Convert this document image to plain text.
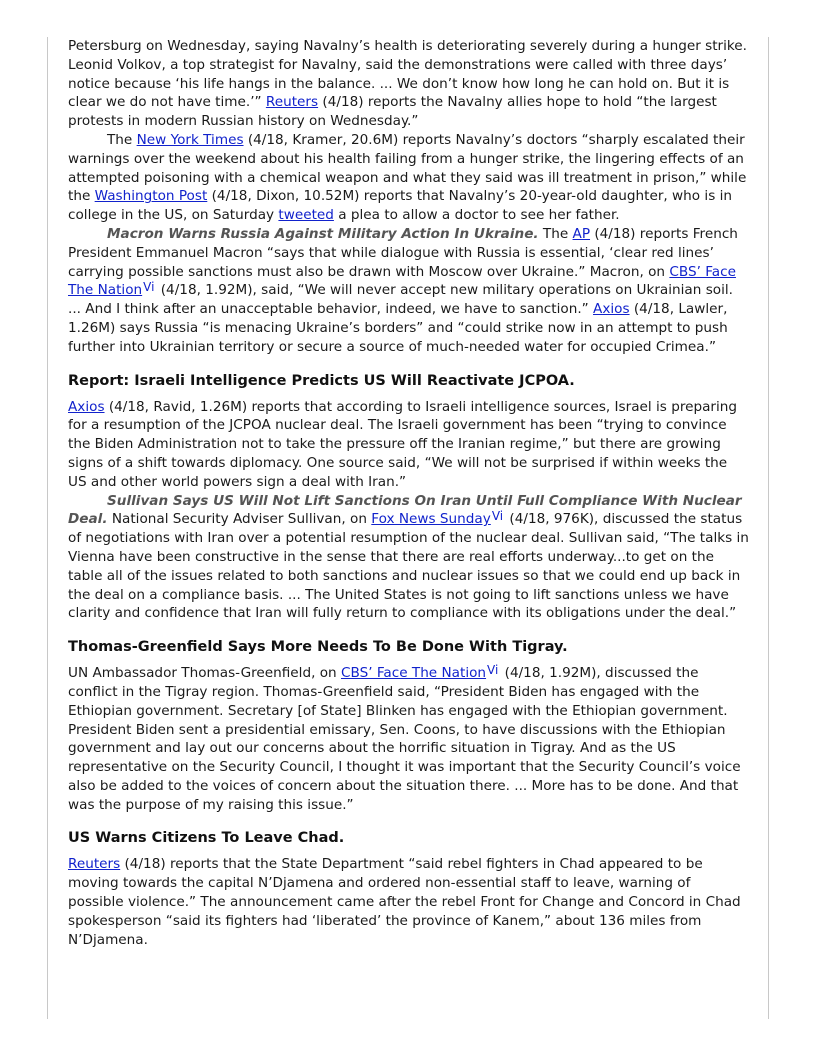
Petersburg on Wednesday, saying Navalny’s health is deteriorating severely during a hunger strike. Leonid Volkov, a top strategist for Navalny, said the demonstrations were called with three days’ notice because ‘his life hangs in the balance. ... We don’t know how long he can hold on. But it is clear we do not have time.’” Reuters (4/18) reports the Navalny allies hope to hold “the largest protests in modern Russian history on Wednesday.”

The New York Times (4/18, Kramer, 20.6M) reports Navalny’s doctors “sharply escalated their warnings over the weekend about his health failing from a hunger strike, the lingering effects of an attempted poisoning with a chemical weapon and what they said was ill treatment in prison,” while the Washington Post (4/18, Dixon, 10.52M) reports that Navalny’s 20-year-old daughter, who is in college in the US, on Saturday tweeted a plea to allow a doctor to see her father.

Macron Warns Russia Against Military Action In Ukraine. The AP (4/18) reports French President Emmanuel Macron “says that while dialogue with Russia is essential, ‘clear red lines’ carrying possible sanctions must also be drawn with Moscow over Ukraine.” Macron, on CBS’ Face The Nation$^{Vi}$ (4/18, 1.92M), said, “We will never accept new military operations on Ukrainian soil. ... And I think after an unacceptable behavior, indeed, we have to sanction.” Axios (4/18, Lawler, 1.26M) says Russia “is menacing Ukraine’s borders” and “could strike now in an attempt to push further into Ukrainian territory or secure a source of much-needed water for occupied Crimea.”

Report: Israeli Intelligence Predicts US Will Reactivate JCPOA.

Axios (4/18, Ravid, 1.26M) reports that according to Israeli intelligence sources, Israel is preparing for a resumption of the JCPOA nuclear deal. The Israeli government has been “trying to convince the Biden Administration not to take the pressure off the Iranian regime,” but there are growing signs of a shift towards diplomacy. One source said, “We will not be surprised if within weeks the US and other world powers sign a deal with Iran.”

Sullivan Says US Will Not Lift Sanctions On Iran Until Full Compliance With Nuclear Deal. National Security Adviser Sullivan, on Fox News Sunday$^{Vi}$ (4/18, 976K), discussed the status of negotiations with Iran over a potential resumption of the nuclear deal. Sullivan said, “The talks in Vienna have been constructive in the sense that there are real efforts underway...to get on the table all of the issues related to both sanctions and nuclear issues so that we could end up back in the deal on a compliance basis. ... The United States is not going to lift sanctions unless we have clarity and confidence that Iran will fully return to compliance with its obligations under the deal.”

Thomas-Greenfield Says More Needs To Be Done With Tigray.

UN Ambassador Thomas-Greenfield, on CBS’ Face The Nation$^{Vi}$ (4/18, 1.92M), discussed the conflict in the Tigray region. Thomas-Greenfield said, “President Biden has engaged with the Ethiopian government. Secretary [of State] Blinken has engaged with the Ethiopian government. President Biden sent a presidential emissary, Sen. Coons, to have discussions with the Ethiopian government and lay out our concerns about the horrific situation in Tigray. And as the US representative on the Security Council, I thought it was important that the Security Council’s voice also be added to the voices of concern about the situation there. ... More has to be done. And that was the purpose of my raising this issue.”

US Warns Citizens To Leave Chad.

Reuters (4/18) reports that the State Department “said rebel fighters in Chad appeared to be moving towards the capital N’Djamena and ordered non-essential staff to leave, warning of possible violence.” The announcement came after the rebel Front for Change and Concord in Chad spokesperson “said its fighters had ‘liberated’ the province of Kanem,” about 136 miles from N’Djamena.
